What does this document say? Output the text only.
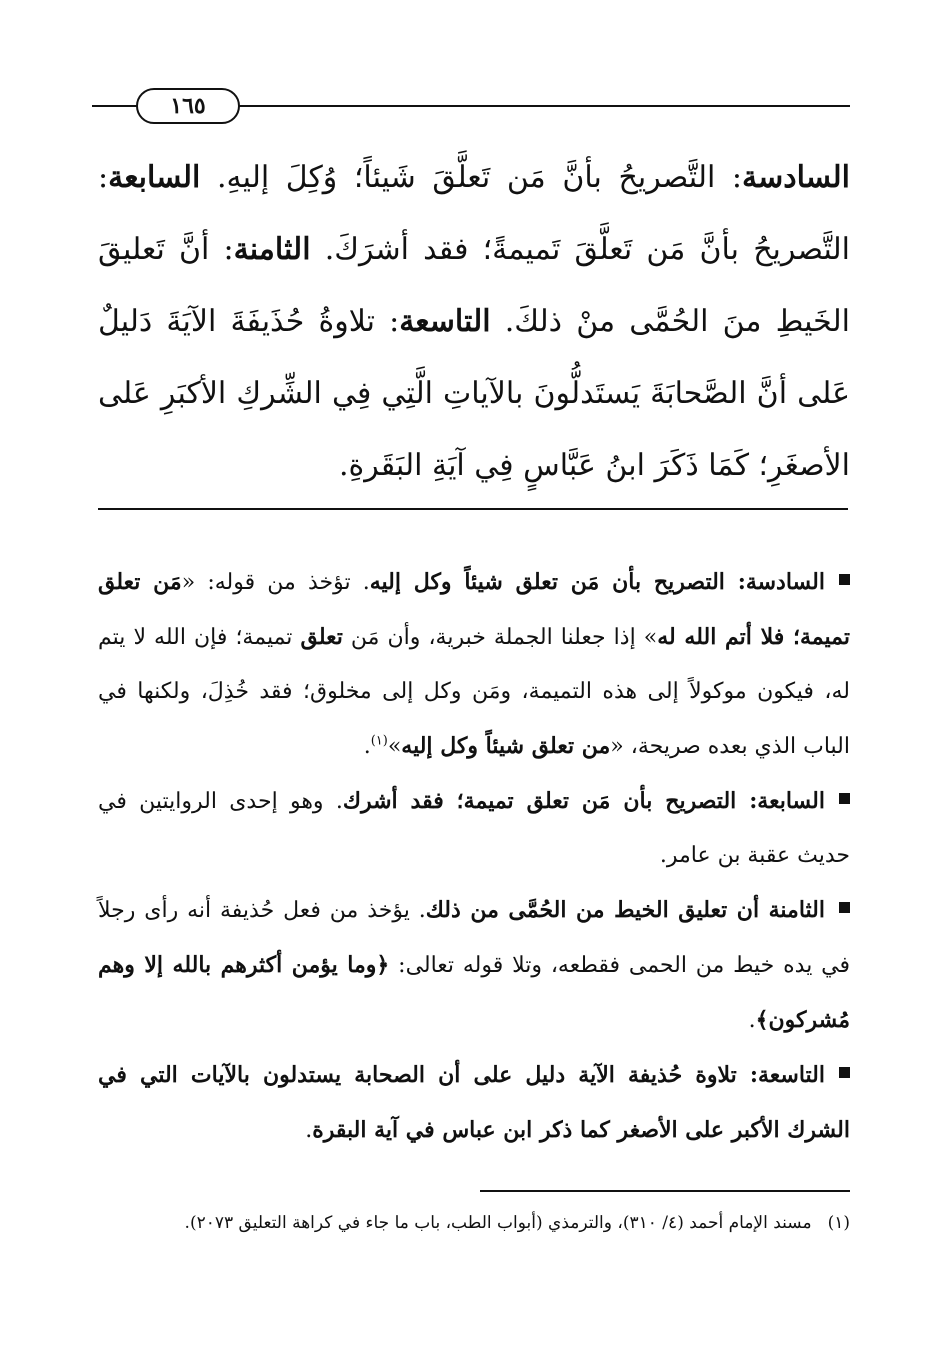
١٦٥
السادسة: التَّصريحُ بأنَّ مَن تَعلَّقَ شَيئاً؛ وُكِلَ إليهِ. السابعة: التَّصريحُ بأنَّ مَن تَعلَّقَ تَميمةً؛ فقد أشرَكَ. الثامنة: أنَّ تَعليقَ الخَيطِ منَ الحُمَّى منْ ذلكَ. التاسعة: تلاوةُ حُذَيفَةَ الآيَةَ دَليلٌ عَلى أنَّ الصَّحابَةَ يَستَدلُّونَ بالآياتِ الَّتِي فِي الشِّركِ الأكبَرِ عَلى الأصغَرِ؛ كَمَا ذَكَرَ ابنُ عَبَّاسٍ فِي آيَةِ البَقَرةِ.
السادسة: التصريح بأن مَن تعلق شيئاً وكل إليه. تؤخذ من قوله: «مَن تعلق تميمة؛ فلا أتم الله له» إذا جعلنا الجملة خبرية، وأن مَن تعلق تميمة؛ فإن الله لا يتم له، فيكون موكولاً إلى هذه التميمة، ومَن وكل إلى مخلوق؛ فقد خُذِلَ، ولكنها في الباب الذي بعده صريحة، «من تعلق شيئاً وكل إليه»$^{(١)}$.
السابعة: التصريح بأن مَن تعلق تميمة؛ فقد أشرك. وهو إحدى الروايتين في حديث عقبة بن عامر.
الثامنة أن تعليق الخيط من الحُمَّى من ذلك. يؤخذ من فعل حُذيفة أنه رأى رجلاً في يده خيط من الحمى فقطعه، وتلا قوله تعالى: ﴿وما يؤمن أكثرهم بالله إلا وهم مُشركون﴾.
التاسعة: تلاوة حُذيفة الآية دليل على أن الصحابة يستدلون بالآيات التي في الشرك الأكبر على الأصغر كما ذكر ابن عباس في آية البقرة.
(١)مسند الإمام أحمد (٤/ ٣١٠)، والترمذي (أبواب الطب، باب ما جاء في كراهة التعليق ٢٠٧٣).
